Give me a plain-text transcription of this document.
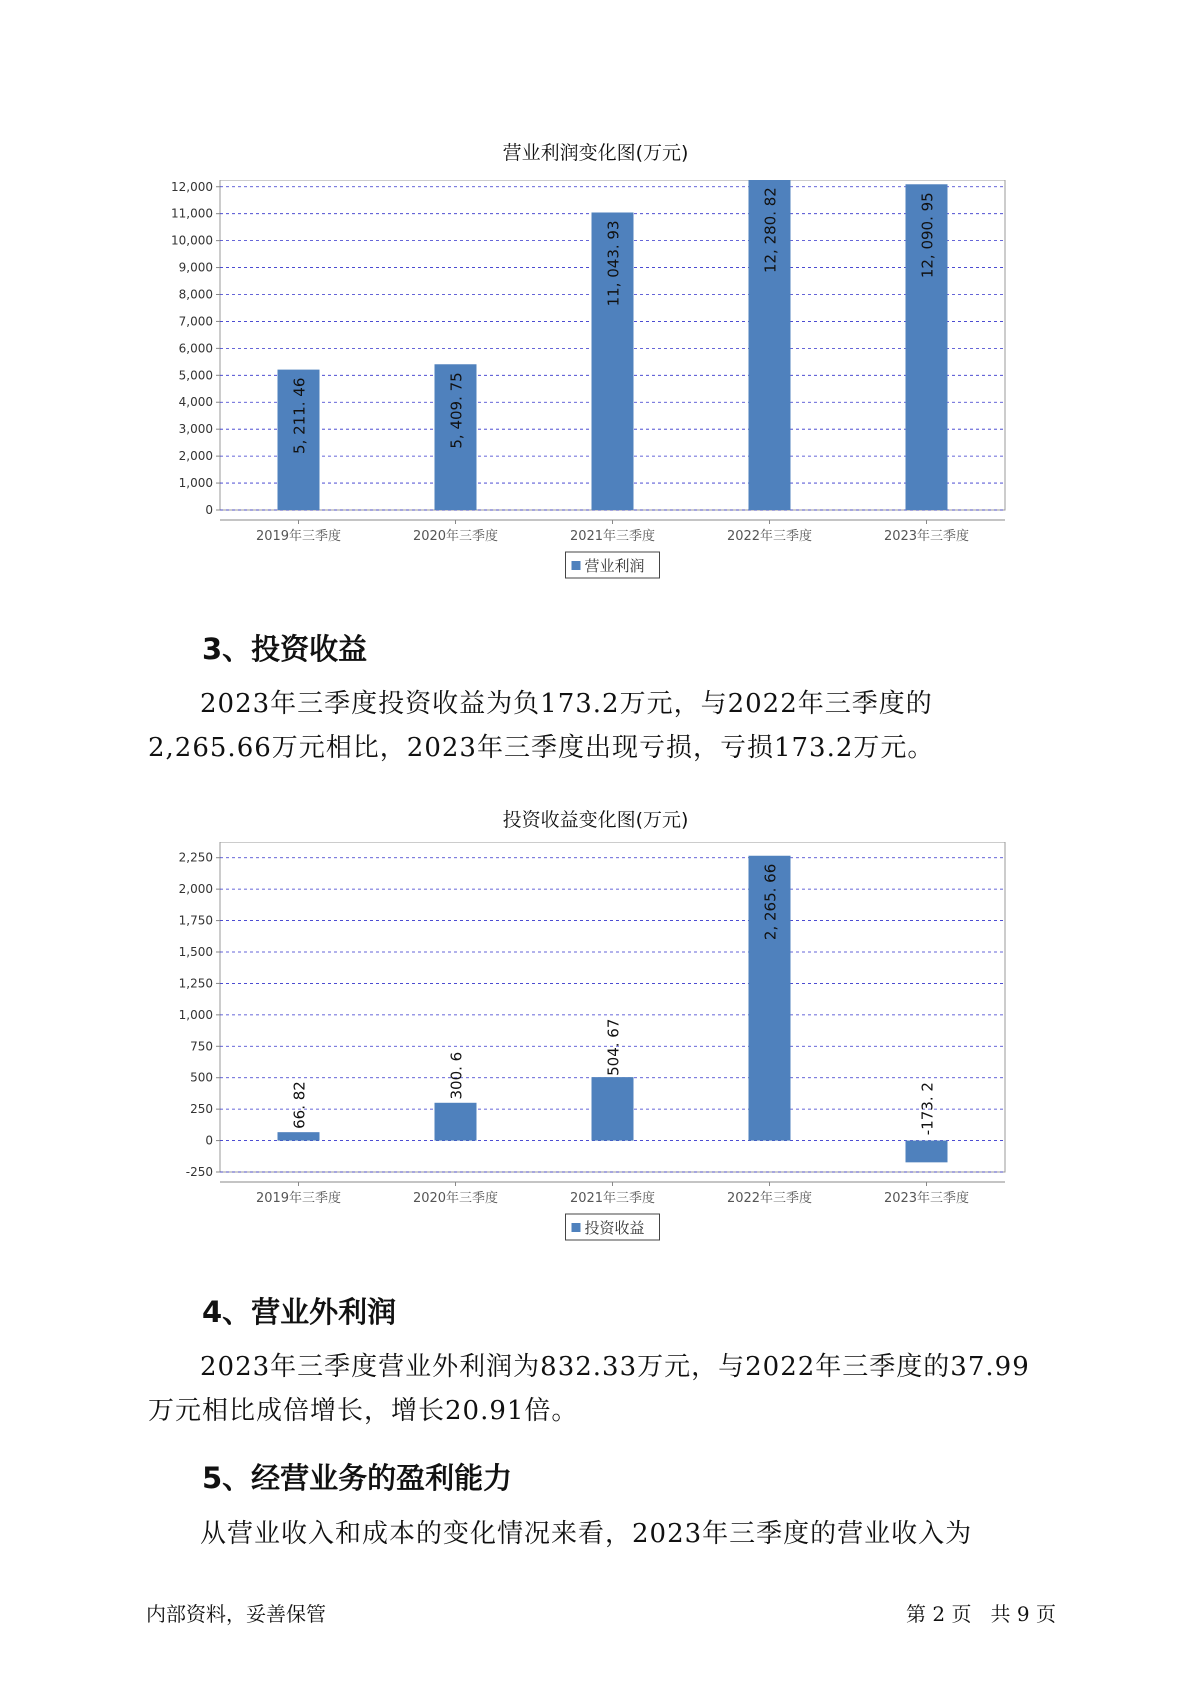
营业利润变化图(万元)
0
1,000
2,000
3,000
4,000
5,000
6,000
7,000
8,000
9,000
10,000
11,000
12,000
5, 211. 46
2019年三季度
5, 409. 75
2020年三季度
11, 043. 93
2021年三季度
12, 280. 82
2022年三季度
12, 090. 95
2023年三季度
营业利润
3、投资收益

2023年三季度投资收益为负173.2万元，与2022年三季度的2,265.66万元相比，2023年三季度出现亏损，亏损173.2万元。

投资收益变化图(万元)
-250
0
250
500
750
1,000
1,250
1,500
1,750
2,000
2,250
66. 82
2019年三季度
300. 6
2020年三季度
504. 67
2021年三季度
2, 265. 66
2022年三季度
-173. 2
2023年三季度
投资收益
4、营业外利润

2023年三季度营业外利润为832.33万元，与2022年三季度的37.99万元相比成倍增长，增长20.91倍。

5、经营业务的盈利能力

从营业收入和成本的变化情况来看，2023年三季度的营业收入为

内部资料，妥善保管	第 2 页   共 9 页
